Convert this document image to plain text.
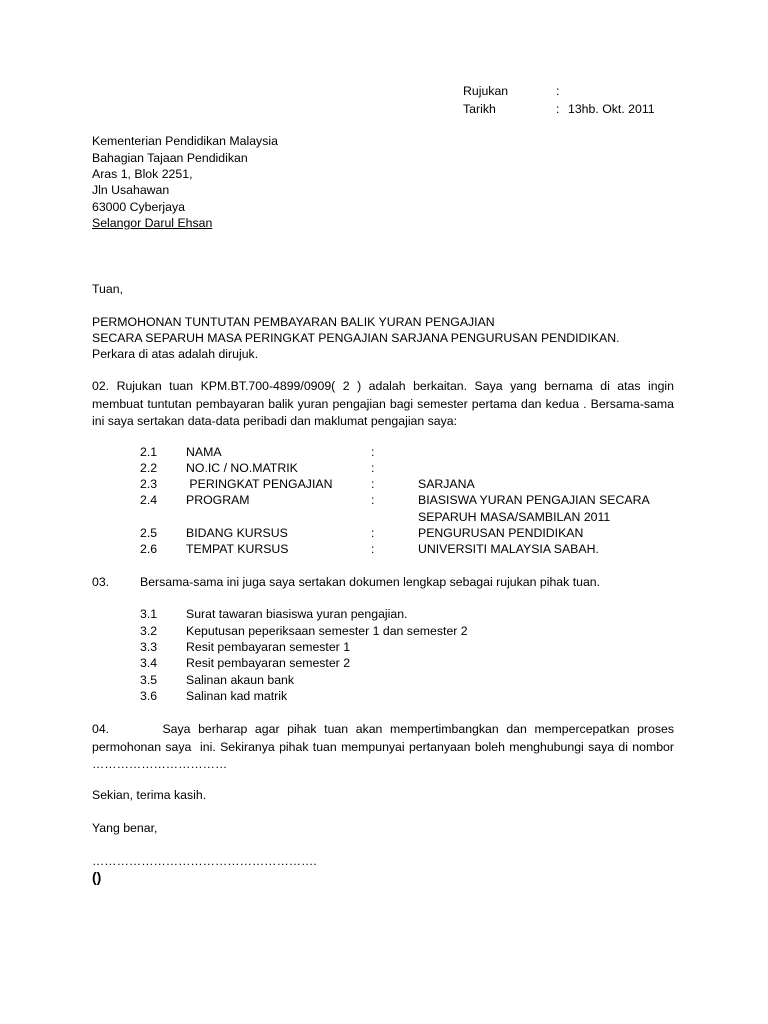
Rujukan	:
Tarikh	: 13hb. Okt. 2011
Kementerian Pendidikan Malaysia
Bahagian Tajaan Pendidikan
Aras 1, Blok 2251,
Jln Usahawan
63000 Cyberjaya
Selangor Darul Ehsan
Tuan,
PERMOHONAN TUNTUTAN PEMBAYARAN BALIK YURAN PENGAJIAN
SECARA SEPARUH MASA PERINGKAT PENGAJIAN SARJANA PENGURUSAN PENDIDIKAN.
Perkara di atas adalah dirujuk.
02. Rujukan tuan KPM.BT.700-4899/0909( 2 ) adalah berkaitan. Saya yang bernama di atas ingin membuat tuntutan pembayaran balik yuran pengajian bagi semester pertama dan kedua . Bersama-sama ini saya sertakan data-data peribadi dan maklumat pengajian saya:
2.1 NAMA	:
2.2 NO.IC / NO.MATRIK	:
2.3 PERINGKAT PENGAJIAN	:	SARJANA
2.4 PROGRAM	:	BIASISWA YURAN PENGAJIAN SECARA
SEPARUH MASA/SAMBILAN 2011
2.5 BIDANG KURSUS	:	PENGURUSAN PENDIDIKAN
2.6 TEMPAT KURSUS	:	UNIVERSITI MALAYSIA SABAH.
03.	Bersama-sama ini juga saya sertakan dokumen lengkap sebagai rujukan pihak tuan.
3.1 Surat tawaran biasiswa yuran pengajian.
3.2 Keputusan peperiksaan semester 1 dan semester 2
3.3 Resit pembayaran semester 1
3.4 Resit pembayaran semester 2
3.5 Salinan akaun bank
3.6 Salinan kad matrik
04.       Saya berharap agar pihak tuan akan mempertimbangkan dan mempercepatkan proses permohonan saya  ini. Sekiranya pihak tuan mempunyai pertanyaan boleh menghubungi saya di nombor ……………………………
Sekian, terima kasih.
Yang benar,
……………………………………………….
()
